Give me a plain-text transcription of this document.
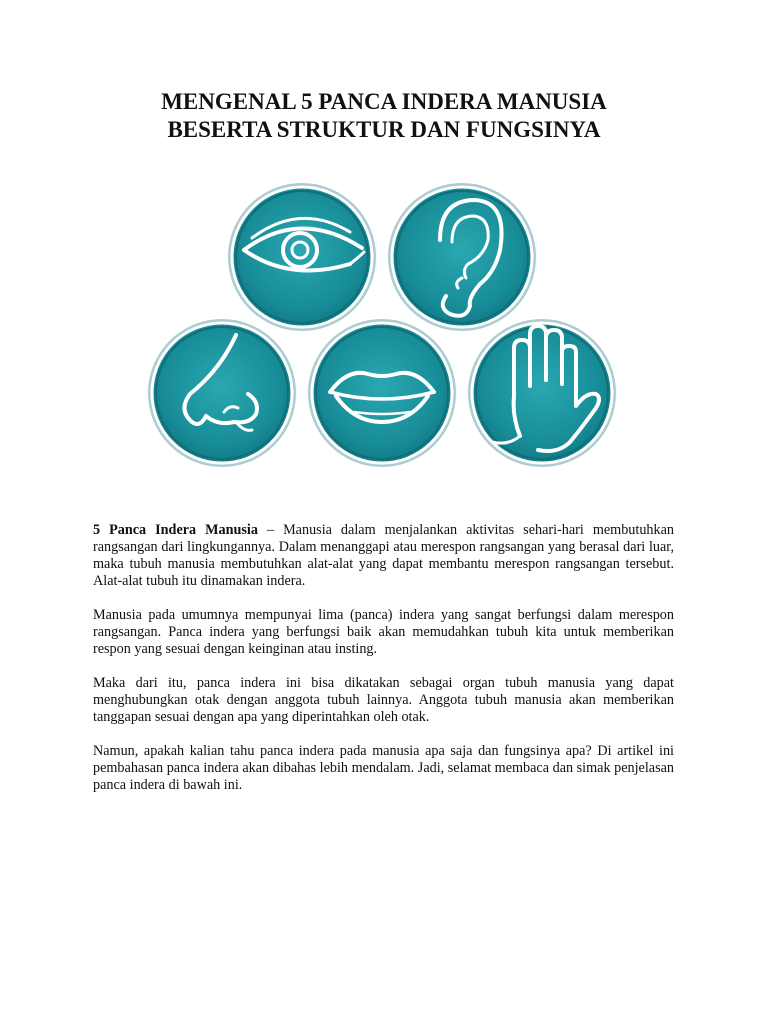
MENGENAL 5 PANCA INDERA MANUSIA
BESERTA STRUKTUR DAN FUNGSINYA

5 Panca Indera Manusia – Manusia dalam menjalankan aktivitas sehari-hari membutuhkan rangsangan dari lingkungannya. Dalam menanggapi atau merespon rangsangan yang berasal dari luar, maka tubuh manusia membutuhkan alat-alat yang dapat membantu merespon rangsangan tersebut. Alat-alat tubuh itu dinamakan indera.

Manusia pada umumnya mempunyai lima (panca) indera yang sangat berfungsi dalam merespon rangsangan. Panca indera yang berfungsi baik akan memudahkan tubuh kita untuk memberikan respon yang sesuai dengan keinginan atau insting.

Maka dari itu, panca indera ini bisa dikatakan sebagai organ tubuh manusia yang dapat menghubungkan otak dengan anggota tubuh lainnya. Anggota tubuh manusia akan memberikan tanggapan sesuai dengan apa yang diperintahkan oleh otak.

Namun, apakah kalian tahu panca indera pada manusia apa saja dan fungsinya apa? Di artikel ini pembahasan panca indera akan dibahas lebih mendalam. Jadi, selamat membaca dan simak penjelasan panca indera di bawah ini.
